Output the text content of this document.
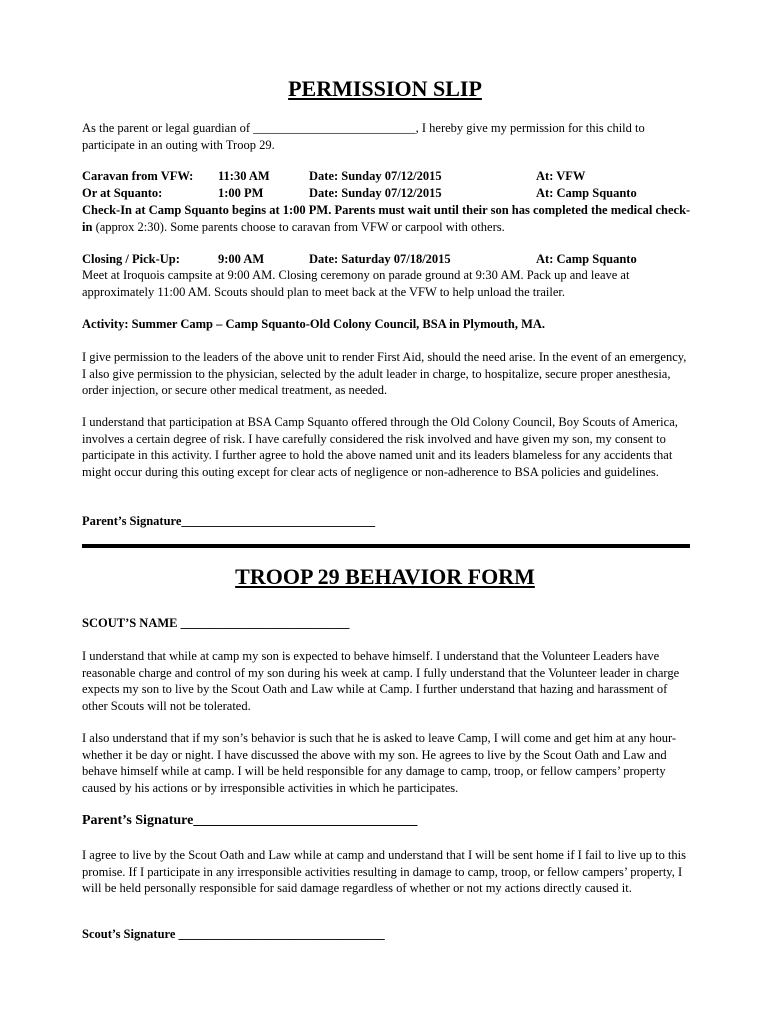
PERMISSION SLIP

As the parent or legal guardian of __________________________, I hereby give my permission for this child to participate in an outing with Troop 29.

Caravan from VFW: 11:30 AM	Date: Sunday 07/12/2015	At: VFW
Or at Squanto:	1:00 PM	Date: Sunday 07/12/2015	At: Camp Squanto

Check-In at Camp Squanto begins at 1:00 PM. Parents must wait until their son has completed the medical check-in (approx 2:30). Some parents choose to caravan from VFW or carpool with others.

Closing / Pick-Up:	9:00 AM	Date: Saturday 07/18/2015	At: Camp Squanto

Meet at Iroquois campsite at 9:00 AM. Closing ceremony on parade ground at 9:30 AM. Pack up and leave at approximately 11:00 AM. Scouts should plan to meet back at the VFW to help unload the trailer.

Activity: Summer Camp – Camp Squanto-Old Colony Council, BSA in Plymouth, MA.

I give permission to the leaders of the above unit to render First Aid, should the need arise. In the event of an emergency, I also give permission to the physician, selected by the adult leader in charge, to hospitalize, secure proper anesthesia, order injection, or secure other medical treatment, as needed.

I understand that participation at BSA Camp Squanto offered through the Old Colony Council, Boy Scouts of America, involves a certain degree of risk. I have carefully considered the risk involved and have given my son, my consent to participate in this activity. I further agree to hold the above named unit and its leaders blameless for any accidents that might occur during this outing except for clear acts of negligence or non-adherence to BSA policies and guidelines.

Parent’s Signature_______________________________
TROOP 29 BEHAVIOR FORM
SCOUT’S NAME ___________________________

I understand that while at camp my son is expected to behave himself. I understand that the Volunteer Leaders have reasonable charge and control of my son during his week at camp. I fully understand that the Volunteer leader in charge expects my son to live by the Scout Oath and Law while at Camp. I further understand that hazing and harassment of other Scouts will not be tolerated.

I also understand that if my son’s behavior is such that he is asked to leave Camp, I will come and get him at any hour-whether it be day or night. I have discussed the above with my son. He agrees to live by the Scout Oath and Law and behave himself while at camp. I will be held responsible for any damage to camp, troop, or fellow campers’ property caused by his actions or by irresponsible activities in which he participates.

Parent’s Signature________________________________

I agree to live by the Scout Oath and Law while at camp and understand that I will be sent home if I fail to live up to this promise. If I participate in any irresponsible activities resulting in damage to camp, troop, or fellow campers’ property, I will be held personally responsible for said damage regardless of whether or not my actions directly caused it.

Scout’s Signature _________________________________
